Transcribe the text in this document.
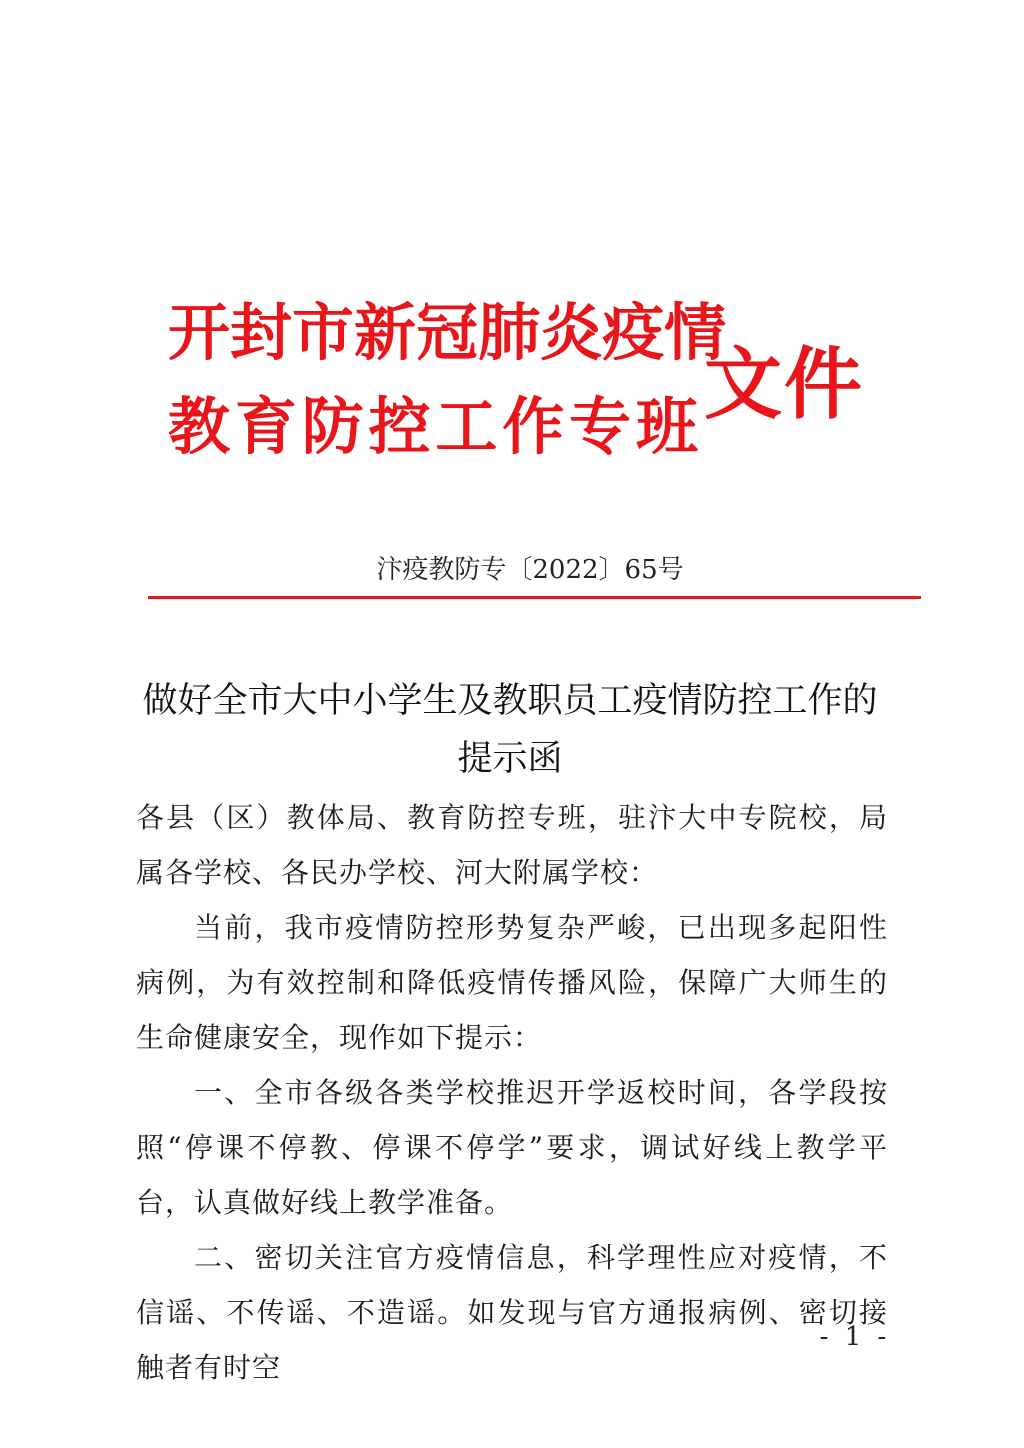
开 封 市 新 冠 肺 炎 疫 情
教 育 防 控 工 作 专 班 文件
汴疫教防专〔2022〕65号
做好全市大中小学生及教职员工疫情防控工作的
提示函

各县（区）教体局、教育防控专班，驻汴大中专院校，局属各学校、各民办学校、河大附属学校：

当前，我市疫情防控形势复杂严峻，已出现多起阳性病例，为有效控制和降低疫情传播风险，保障广大师生的生命健康安全，现作如下提示：

一、全市各级各类学校推迟开学返校时间，各学段按照“停课不停教、停课不停学”要求，调试好线上教学平台，认真做好线上教学准备。

二、密切关注官方疫情信息，科学理性应对疫情，不信谣、不传谣、不造谣。如发现与官方通报病例、密切接触者有时空

- 1 -
